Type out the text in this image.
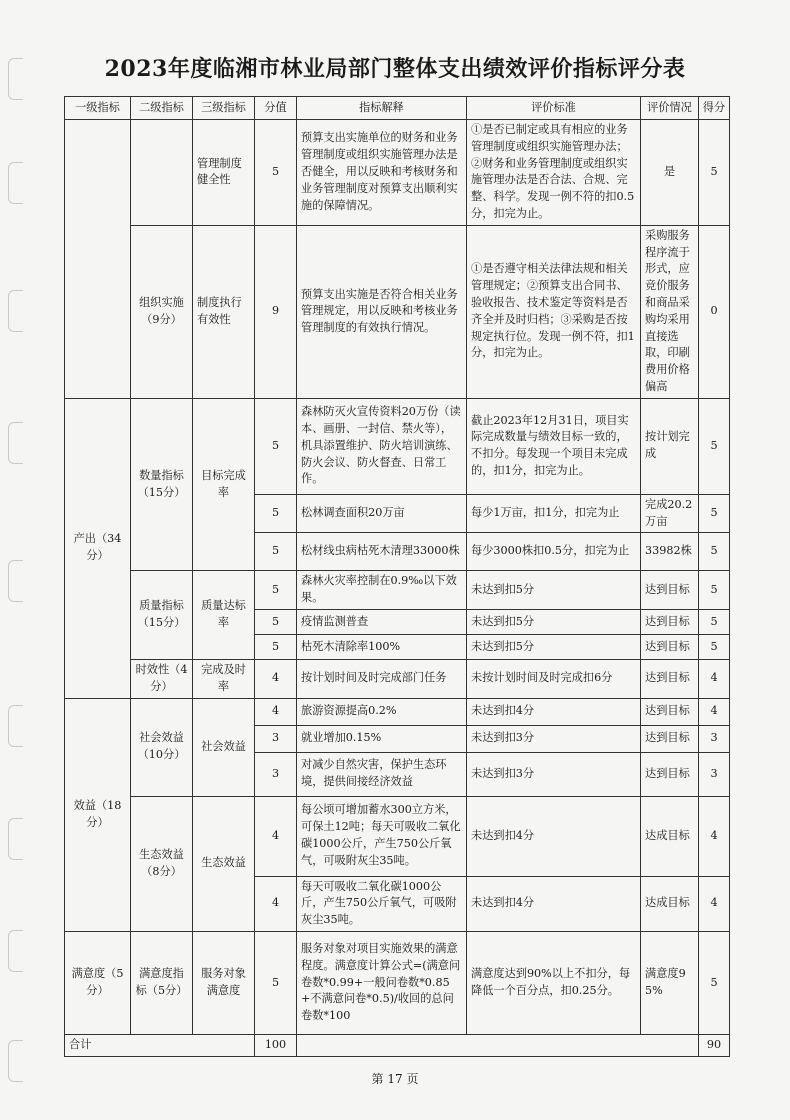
2023年度临湘市林业局部门整体支出绩效评价指标评分表
一级指标	二级指标	三级指标	分值	指标解释	评价标准	评价情况	得分
		管理制度健全性	5	预算支出实施单位的财务和业务管理制度或组织实施管理办法是否健全，用以反映和考核财务和业务管理制度对预算支出顺利实施的保障情况。	①是否已制定或具有相应的业务管理制度或组织实施管理办法；②财务和业务管理制度或组织实施管理办法是否合法、合规、完整、科学。发现一例不符的扣0.5分，扣完为止。	是	5
	组织实施（9分）	制度执行有效性	9	预算支出实施是否符合相关业务管理规定，用以反映和考核业务管理制度的有效执行情况。	①是否遵守相关法律法规和相关管理规定；②预算支出合同书、验收报告、技术鉴定等资料是否齐全并及时归档；③采购是否按规定执行位。发现一例不符，扣1分，扣完为止。	采购服务程序流于形式，应竞价服务和商品采购均采用直接选取，印刷费用价格偏高	0
产出（34分）	数量指标（15分）	目标完成率	5	森林防灭火宣传资料20万份（读本、画册、一封信、禁火等），机具添置维护、防火培训演练、防火会议、防火督查、日常工作。	截止2023年12月31日，项目实际完成数量与绩效目标一致的，不扣分。每发现一个项目未完成的，扣1分，扣完为止。	按计划完成	5
			5	松林调查面积20万亩	每少1万亩，扣1分，扣完为止	完成20.2万亩	5
			5	松材线虫病枯死木清理33000株	每少3000株扣0.5分，扣完为止	33982株	5
	质量指标（15分）	质量达标率	5	森林火灾率控制在0.9‰以下效果。	未达到扣5分	达到目标	5
			5	疫情监测普查	未达到扣5分	达到目标	5
			5	枯死木清除率100%	未达到扣5分	达到目标	5
	时效性（4分）	完成及时率	4	按计划时间及时完成部门任务	未按计划时间及时完成扣6分	达到目标	4
效益（18分）	社会效益（10分）	社会效益	4	旅游资源提高0.2%	未达到扣4分	达到目标	4
			3	就业增加0.15%	未达到扣3分	达到目标	3
			3	对减少自然灾害，保护生态环境，提供间接经济效益	未达到扣3分	达到目标	3
	生态效益（8分）	生态效益	4	每公顷可增加蓄水300立方米，可保土12吨；每天可吸收二氧化碳1000公斤，产生750公斤氧气，可吸附灰尘35吨。	未达到扣4分	达成目标	4
			4	每天可吸收二氧化碳1000公斤，产生750公斤氧气，可吸附灰尘35吨。	未达到扣4分	达成目标	4
满意度（5分）	满意度指标（5分）	服务对象满意度	5	服务对象对项目实施效果的满意程度。满意度计算公式=(满意问卷数*0.99+一般问卷数*0.85+不满意问卷*0.5)/收回的总问卷数*100	满意度达到90%以上不扣分，每降低一个百分点，扣0.25分。	满意度95%	5
合计			100				90
第 17 页
